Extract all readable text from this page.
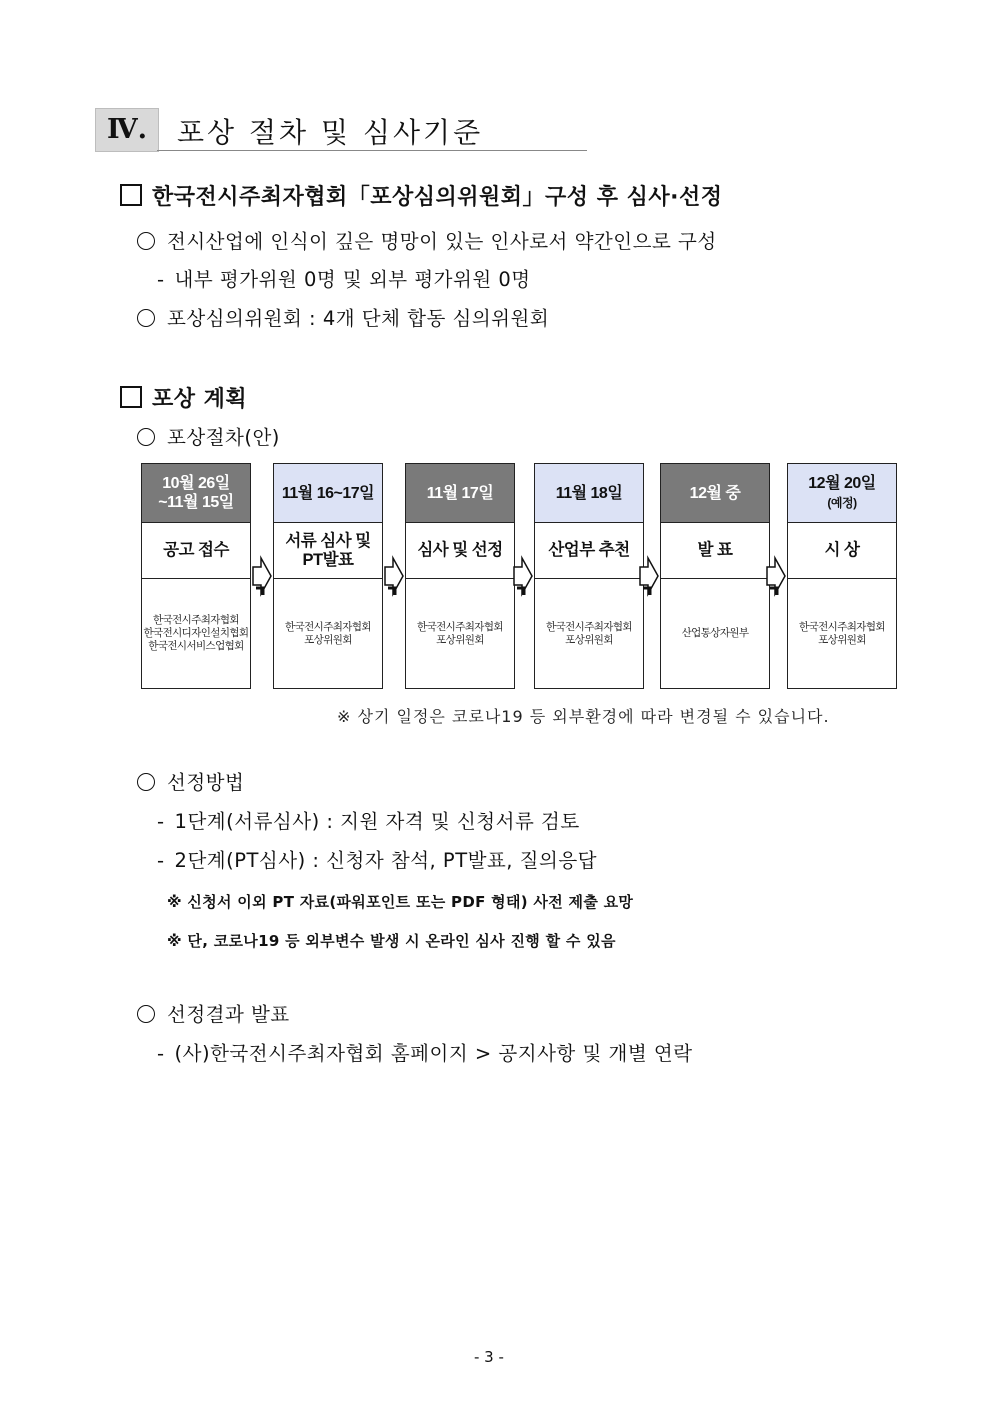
Ⅳ.	포상 절차 및 심사기준
한국전시주최자협회「포상심의위원회」구성 후 심사·선정
전시산업에 인식이 깊은 명망이 있는 인사로서 약간인으로 구성
- 내부 평가위원 0명 및 외부 평가위원 0명
포상심의위원회 : 4개 단체 합동 심의위원회
포상 계획
포상절차(안)
10월 26일
~11월 15일
공고 접수
한국전시주최자협회
한국전시디자인설치협회
한국전시서비스업협회
11월 16~17일
서류 심사 및
PT발표
한국전시주최자협회
포상위원회
11월 17일
심사 및 선정
한국전시주최자협회
포상위원회
11월 18일
산업부 추천
한국전시주최자협회
포상위원회
12월 중
발 표
산업통상자원부
12월 20일
(예정)
시 상
한국전시주최자협회
포상위원회
※ 상기 일정은 코로나19 등 외부환경에 따라 변경될 수 있습니다.
선정방법
- 1단계(서류심사) : 지원 자격 및 신청서류 검토
- 2단계(PT심사) : 신청자 참석, PT발표, 질의응답
※ 신청서 이외 PT 자료(파워포인트 또는 PDF 형태) 사전 제출 요망
※ 단, 코로나19 등 외부변수 발생 시 온라인 심사 진행 할 수 있음
선정결과 발표
- (사)한국전시주최자협회 홈페이지 > 공지사항 및 개별 연락
- 3 -
